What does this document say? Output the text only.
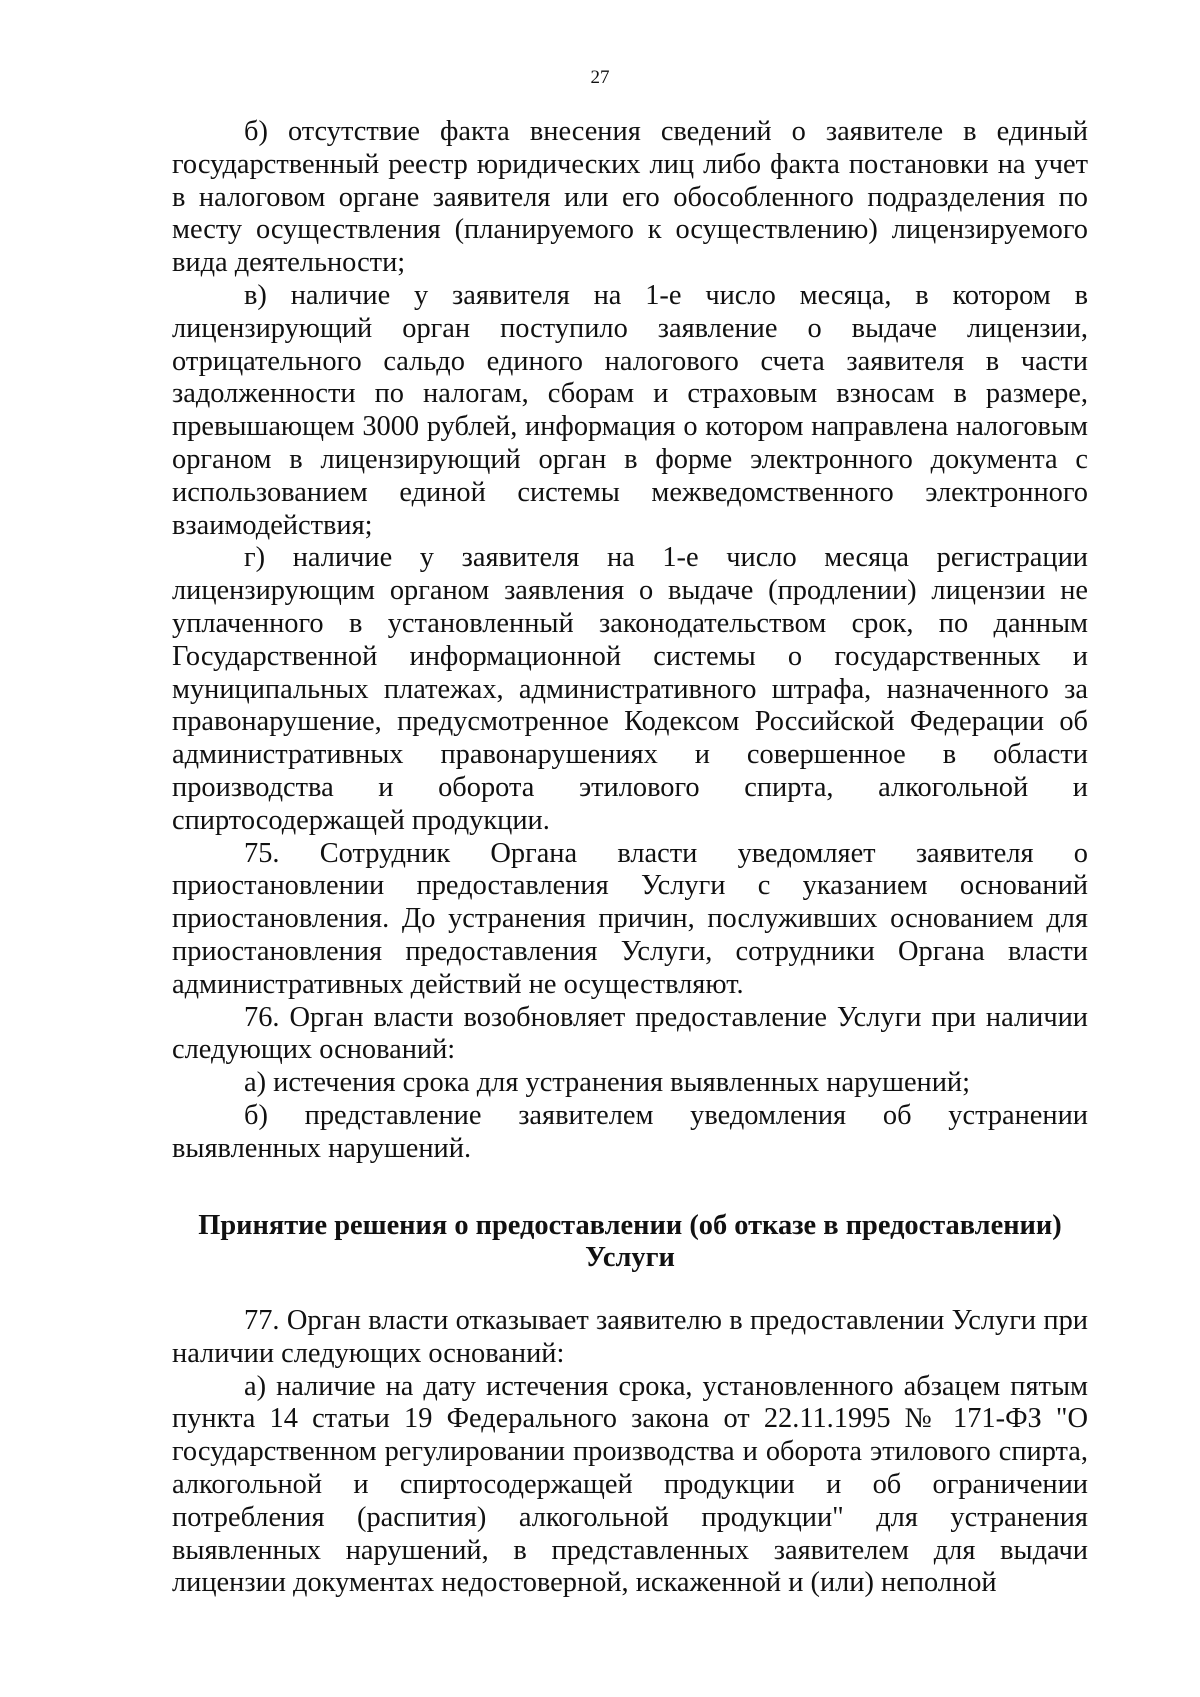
27

б) отсутствие факта внесения сведений о заявителе в единый государственный реестр юридических лиц либо факта постановки на учет в налоговом органе заявителя или его обособленного подразделения по месту осуществления (планируемого к осуществлению) лицензируемого вида деятельности;

в) наличие у заявителя на 1-е число месяца, в котором в лицензирующий орган поступило заявление о выдаче лицензии, отрицательного сальдо единого налогового счета заявителя в части задолженности по налогам, сборам и страховым взносам в размере, превышающем 3000 рублей, информация о котором направлена налоговым органом в лицензирующий орган в форме электронного документа с использованием единой системы межведомственного электронного взаимодействия;

г) наличие у заявителя на 1-е число месяца регистрации лицензирующим органом заявления о выдаче (продлении) лицензии не уплаченного в установленный законодательством срок, по данным Государственной информационной системы о государственных и муниципальных платежах, административного штрафа, назначенного за правонарушение, предусмотренное Кодексом Российской Федерации об административных правонарушениях и совершенное в области производства и оборота этилового спирта, алкогольной и спиртосодержащей продукции.

75. Сотрудник Органа власти уведомляет заявителя о приостановлении предоставления Услуги с указанием оснований приостановления. До устранения причин, послуживших основанием для приостановления предоставления Услуги, сотрудники Органа власти административных действий не осуществляют.

76. Орган власти возобновляет предоставление Услуги при наличии следующих оснований:

а) истечения срока для устранения выявленных нарушений;

б) представление заявителем уведомления об устранении выявленных нарушений.

Принятие решения о предоставлении (об отказе в предоставлении)
Услуги

77. Орган власти отказывает заявителю в предоставлении Услуги при наличии следующих оснований:

а) наличие на дату истечения срока, установленного абзацем пятым пункта 14 статьи 19 Федерального закона от 22.11.1995 № 171-ФЗ "О государственном регулировании производства и оборота этилового спирта, алкогольной и спиртосодержащей продукции и об ограничении потребления (распития) алкогольной продукции" для устранения выявленных нарушений, в представленных заявителем для выдачи лицензии документах недостоверной, искаженной и (или) неполной
